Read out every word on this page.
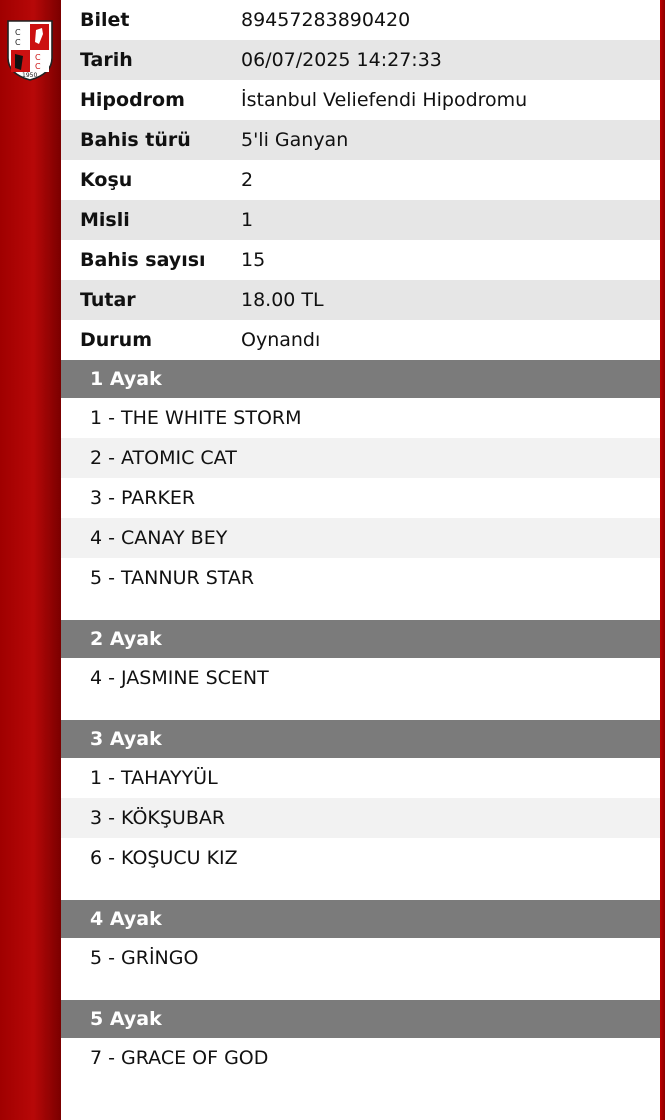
C
C
C
C
1950
Bilet	89457283890420
Tarih	06/07/2025 14:27:33
Hipodrom	İstanbul Veliefendi Hipodromu
Bahis türü	5'li Ganyan
Koşu	2
Misli	1
Bahis sayısı	15
Tutar	18.00 TL
Durum	Oynandı
1 Ayak
1 - THE WHITE STORM
2 - ATOMIC CAT
3 - PARKER
4 - CANAY BEY
5 - TANNUR STAR
2 Ayak
4 - JASMINE SCENT
3 Ayak
1 - TAHAYYÜL
3 - KÖKŞUBAR
6 - KOŞUCU KIZ
4 Ayak
5 - GRİNGO
5 Ayak
7 - GRACE OF GOD
